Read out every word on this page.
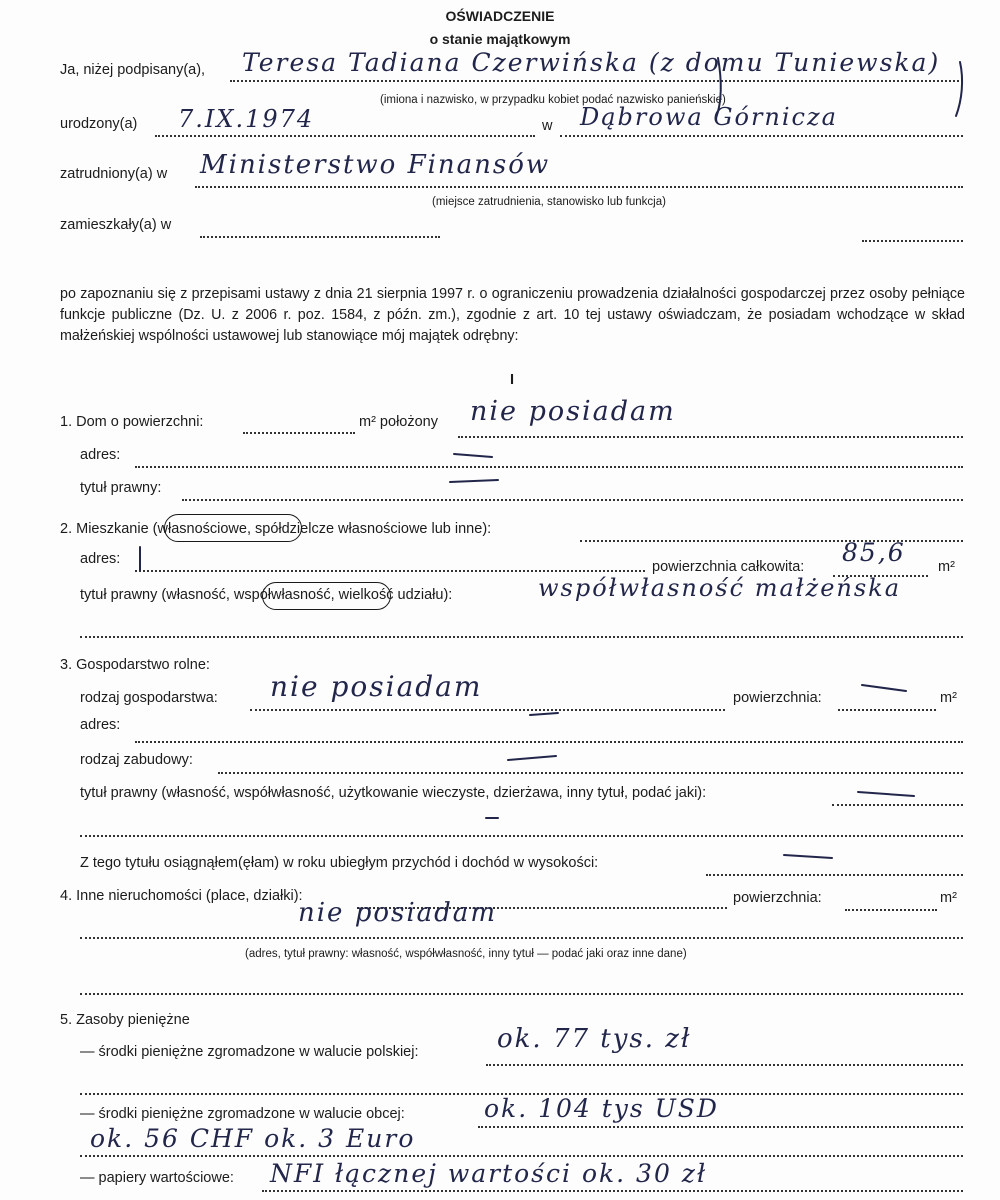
OŚWIADCZENIE
o stanie majątkowym
Ja, niżej podpisany(a), Teresa Tadiana Czerwińska (z domu Tuniewska)
(imiona i nazwisko, w przypadku kobiet podać nazwisko panieńskie)
urodzony(a) 7.IX.1974	w Dąbrowa Górnicza
zatrudniony(a) w Ministerstwo Finansów
(miejsce zatrudnienia, stanowisko lub funkcja)
zamieszkały(a) w
po zapoznaniu się z przepisami ustawy z dnia 21 sierpnia 1997 r. o ograniczeniu prowadzenia działalności gospodarczej przez osoby pełniące funkcje publiczne (Dz. U. z 2006 r. poz. 1584, z późn. zm.), zgodnie z art. 10 tej ustawy oświadczam, że posiadam wchodzące w skład małżeńskiej wspólności ustawowej lub stanowiące mój majątek odrębny:
I
1. Dom o powierzchni:	m² położony nie posiadam
adres:
tytuł prawny:
2. Mieszkanie (własnościowe, spółdzielcze własnościowe lub inne):
adres:	powierzchnia całkowita: 85,6 m²
tytuł prawny (własność, współwłasność, wielkość udziału):	współwłasność małżeńska
3. Gospodarstwo rolne:
rodzaj gospodarstwa: nie posiadam	powierzchnia:	m²
adres:
rodzaj zabudowy:
tytuł prawny (własność, współwłasność, użytkowanie wieczyste, dzierżawa, inny tytuł, podać jaki):
Z tego tytułu osiągnąłem(ęłam) w roku ubiegłym przychód i dochód w wysokości:
4. Inne nieruchomości (place, działki):	powierzchnia:	m²
nie posiadam
(adres, tytuł prawny: własność, współwłasność, inny tytuł — podać jaki oraz inne dane)
5. Zasoby pieniężne
— środki pieniężne zgromadzone w walucie polskiej:	ok. 77 tys. zł
— środki pieniężne zgromadzone w walucie obcej:	ok. 104 tys USD
ok. 56 CHF ok. 3 Euro
— papiery wartościowe: NFI łącznej wartości ok. 30 zł
